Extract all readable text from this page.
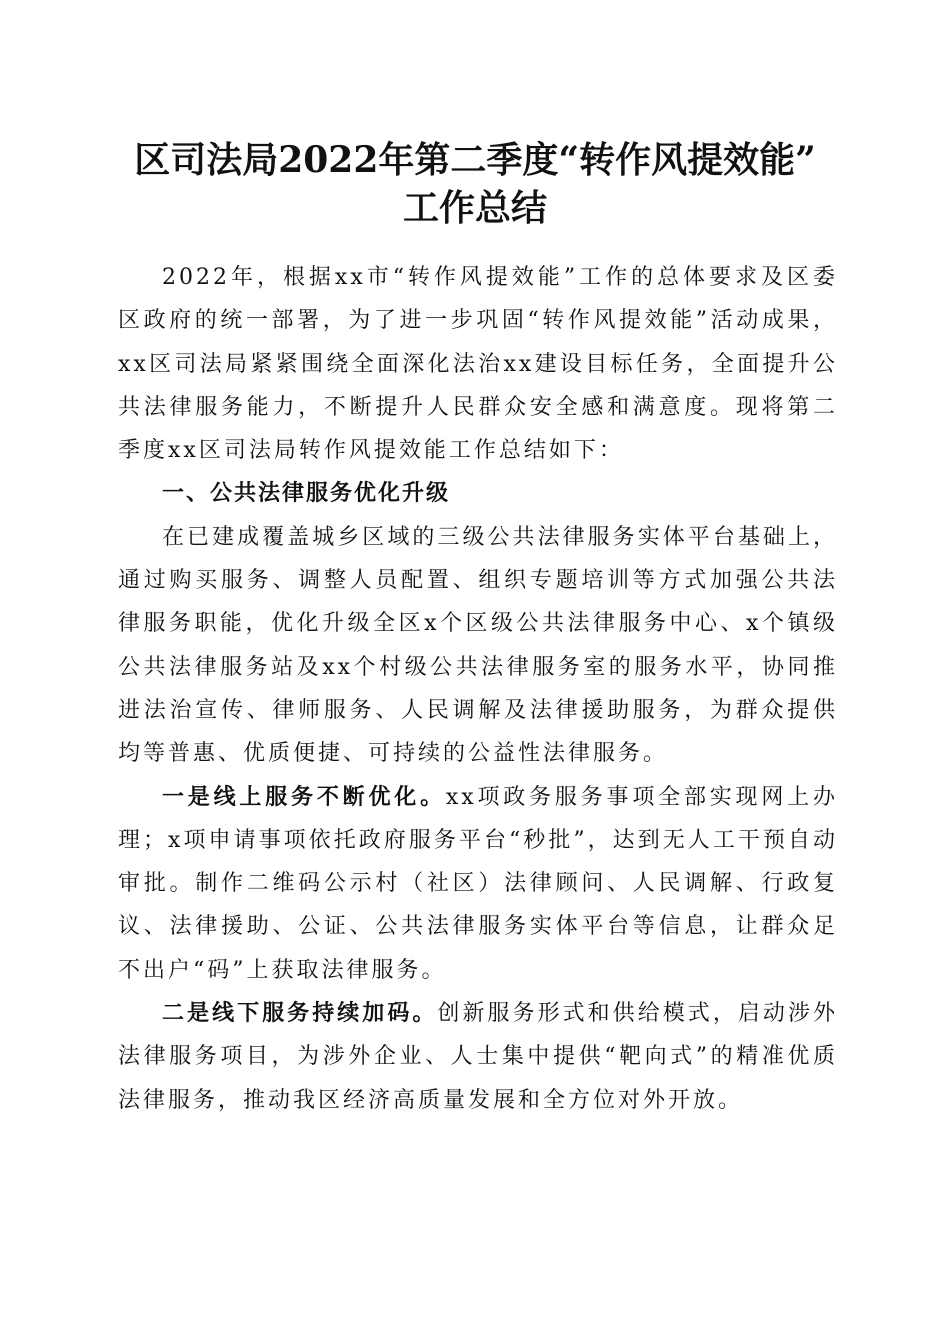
区司法局2022年第二季度“转作风提效能”
工作总结

2022年，根据xx市“转作风提效能”工作的总体要求及区委区政府的统一部署，为了进一步巩固“转作风提效能”活动成果，xx区司法局紧紧围绕全面深化法治xx建设目标任务，全面提升公共法律服务能力，不断提升人民群众安全感和满意度。现将第二季度xx区司法局转作风提效能工作总结如下：

一、公共法律服务优化升级

在已建成覆盖城乡区域的三级公共法律服务实体平台基础上，通过购买服务、调整人员配置、组织专题培训等方式加强公共法律服务职能，优化升级全区x个区级公共法律服务中心、x个镇级公共法律服务站及xx个村级公共法律服务室的服务水平，协同推进法治宣传、律师服务、人民调解及法律援助服务，为群众提供均等普惠、优质便捷、可持续的公益性法律服务。

一是线上服务不断优化。xx项政务服务事项全部实现网上办理；x项申请事项依托政府服务平台“秒批”，达到无人工干预自动审批。制作二维码公示村（社区）法律顾问、人民调解、行政复议、法律援助、公证、公共法律服务实体平台等信息，让群众足不出户“码”上获取法律服务。

二是线下服务持续加码。创新服务形式和供给模式，启动涉外法律服务项目，为涉外企业、人士集中提供“靶向式”的精准优质法律服务，推动我区经济高质量发展和全方位对外开放。
